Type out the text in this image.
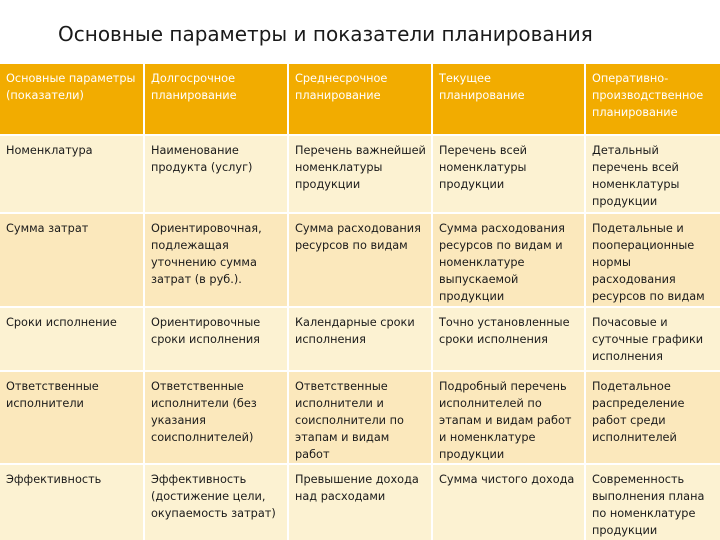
Основные параметры и показатели планирования
Основные параметры (показатели)	Долгосрочное планирование	Среднесрочное планирование	Текущее планирование	Оперативно-производственное планирование
Номенклатура	Наименование продукта (услуг)	Перечень важнейшей номенклатуры продукции	Перечень всей номенклатуры продукции	Детальный перечень всей номенклатуры продукции
Сумма затрат	Ориентировочная, подлежащая уточнению сумма затрат (в руб.).	Сумма расходования ресурсов по видам	Сумма расходования ресурсов по видам и номенклатуре выпускаемой продукции	Подетальные и пооперационные нормы расходования ресурсов по видам
Сроки исполнение	Ориентировочные сроки исполнения	Календарные сроки исполнения	Точно установленные сроки исполнения	Почасовые и суточные графики исполнения
Ответственные исполнители	Ответственные исполнители (без указания соисполнителей)	Ответственные исполнители и соисполнители по этапам и видам работ	Подробный перечень исполнителей по этапам и видам работ и номенклатуре продукции	Подетальное распределение работ среди исполнителей
Эффективность	Эффективность (достижение цели, окупаемость затрат)	Превышение дохода над расходами	Сумма чистого дохода	Современность выполнения плана по номенклатуре продукции
